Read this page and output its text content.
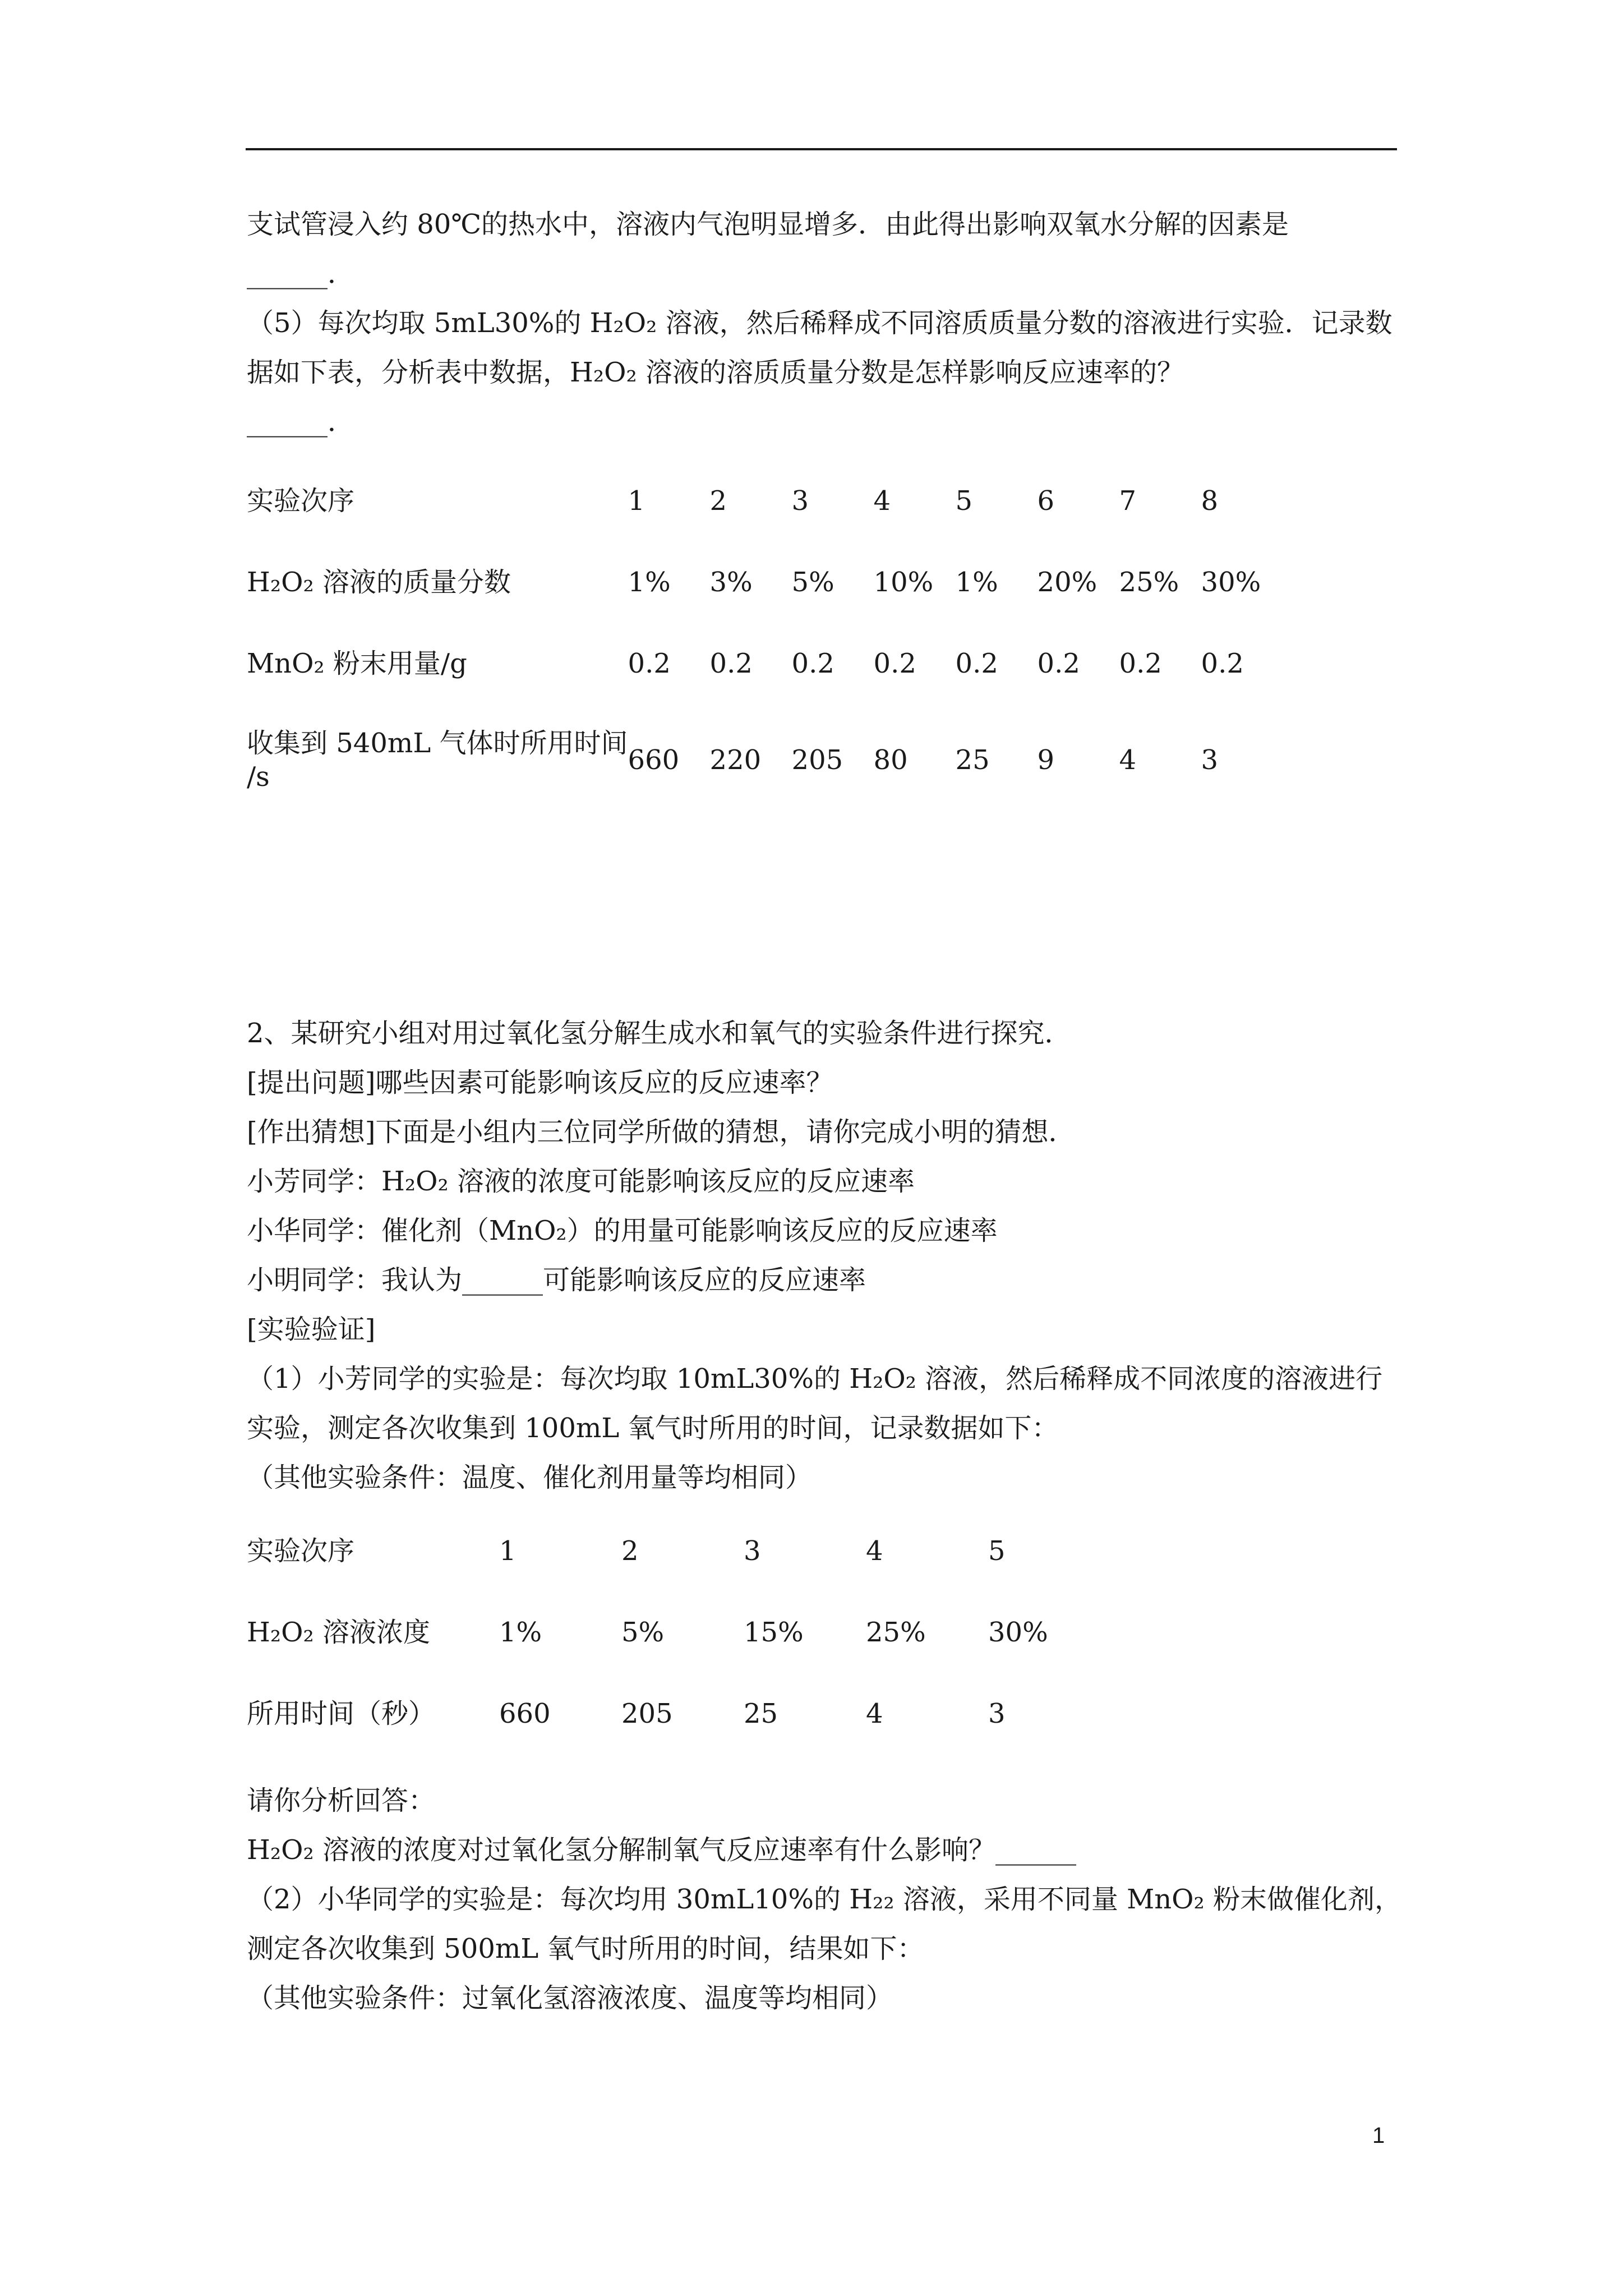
支试管浸入约 80℃的热水中，溶液内气泡明显增多．由此得出影响双氧水分解的因素是
______．
（5）每次均取 5mL30%的 H₂O₂ 溶液，然后稀释成不同溶质质量分数的溶液进行实验．记录数
据如下表，分析表中数据，H₂O₂ 溶液的溶质质量分数是怎样影响反应速率的？
______．
实验次序	1	2	3	4	5	6	7	8
H₂O₂ 溶液的质量分数	1%	3%	5%	10%	1%	20%	25%	30%
MnO₂ 粉末用量/g	0.2	0.2	0.2	0.2	0.2	0.2	0.2	0.2

收集到 540mL 气体时所用时间
/s	660	220	205	80	25	9	4	3
2、某研究小组对用过氧化氢分解生成水和氧气的实验条件进行探究．
[提出问题]哪些因素可能影响该反应的反应速率？
[作出猜想]下面是小组内三位同学所做的猜想，请你完成小明的猜想．
小芳同学：H₂O₂ 溶液的浓度可能影响该反应的反应速率
小华同学：催化剂（MnO₂）的用量可能影响该反应的反应速率
小明同学：我认为______可能影响该反应的反应速率
[实验验证]
（1）小芳同学的实验是：每次均取 10mL30%的 H₂O₂ 溶液，然后稀释成不同浓度的溶液进行
实验，测定各次收集到 100mL 氧气时所用的时间，记录数据如下：
（其他实验条件：温度、催化剂用量等均相同）
实验次序	1	2	3	4	5
H₂O₂ 溶液浓度	1%	5%	15%	25%	30%
所用时间（秒）	660	205	25	4	3
请你分析回答：
H₂O₂ 溶液的浓度对过氧化氢分解制氧气反应速率有什么影响？______
（2）小华同学的实验是：每次均用 30mL10%的 H₂₂ 溶液，采用不同量 MnO₂ 粉末做催化剂，
测定各次收集到 500mL 氧气时所用的时间，结果如下：
（其他实验条件：过氧化氢溶液浓度、温度等均相同）
1
